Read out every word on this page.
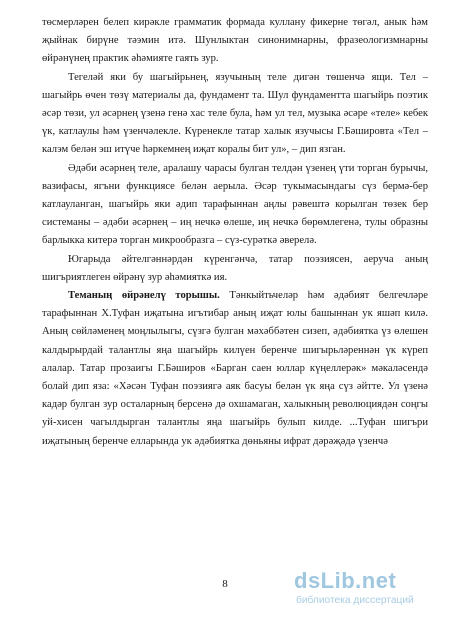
төсмерләрен белеп кирәкле грамматик формада куллану фикерне төгәл, анык һәм җыйнак бирүне тәэмин итә. Шунлыктан синонимнарны, фразеологизмнарны өйрәнүнең практик әһәмияте гаять зур.

Тегеләй яки бу шагыйрьнең, язучының теле дигән төшенчә ящи. Тел – шагыйрь өчен төзү материалы да, фундамент та. Шул фундаментта шагыйрь поэтик әсәр төзи, ул әсәрнең үзенә генә хас теле була, һәм ул тел, музыка әсәре «теле» кебек үк, катлаулы һәм үзенчәлекле. Күренекле татар халык язучысы Г.Бәшировта «Тел – калэм белән эш итүче һәркемнең иҗат коралы бит ул», – дип язган.

Әдәби әсәрнең теле, аралашу чарасы булган телдән үзенең үти торган бурычы, вазифасы, ягъни функциясе белән аерыла. Әсәр тукымасындагы сүз бермә-бер катлауланган, шагыйрь яки әдип тарафыннан аңлы рәвештә корылган төзек бер системаны – әдәби әсәрнең – иң нечкә өлеше, иң нечкә бөрөмлегенә, тулы образны барлыкка китерә торган микрообразга – сүз-сурәткә әверелә.

Югарыда әйтелгәннәрдән күренгәнчә, татар поэзиясен, аеруча аның шигъриятлеген өйрәнү зур әһәмияткә ия.

Теманың өйрәнелү торышы. Тәнкыйтьчеләр һәм әдәбият белгечләре тарафыннан Х.Туфан иҗатына игътибар аның иҗат юлы башыннан ук яшәп килә. Аның сөйләменең моңлылыгы, сүзгә булган мәхәббәтен сизеп, әдәбиятка үз өлешен калдырырдай талантлы яңа шагыйрь килүен беренче шигырьләреннән үк күреп алалар. Татар прозаигы Г.Бәширов «Барган саен юллар күңеллерәк» мәкаләсендә болай дип яза: «Хәсән Туфан поэзиягә аяк басуы белән үк яңа сүз әйтте. Ул үзенә кадәр булган зур осталарның берсенә дә охшамаган, халыкның революциядән соңгы уй-хисен чагылдырган талантлы яңа шагыйрь булып килде. ...Туфан шигъри иҗатының беренче елларында ук әдәбиятка дөньяны ифрат дәрәҗәдә үзенчә

8	dsLib.net
библиотека диссертаций
